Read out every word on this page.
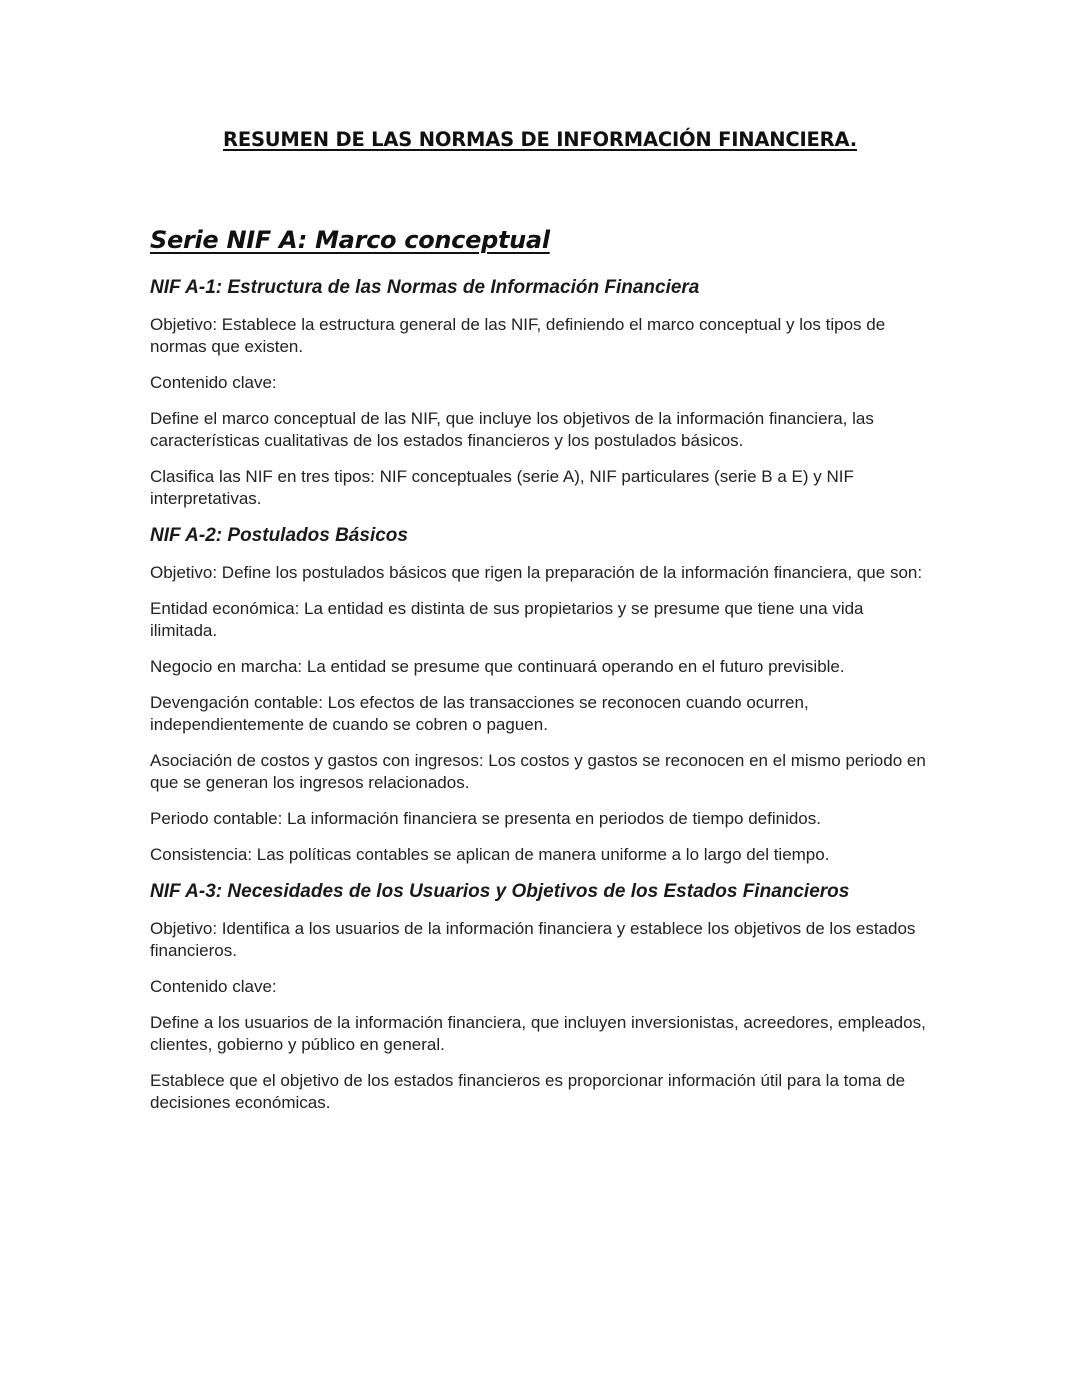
RESUMEN DE LAS NORMAS DE INFORMACIÓN FINANCIERA.
Serie NIF A: Marco conceptual
NIF A-1: Estructura de las Normas de Información Financiera

Objetivo: Establece la estructura general de las NIF, definiendo el marco conceptual y los tipos de normas que existen.

Contenido clave:

Define el marco conceptual de las NIF, que incluye los objetivos de la información financiera, las características cualitativas de los estados financieros y los postulados básicos.

Clasifica las NIF en tres tipos: NIF conceptuales (serie A), NIF particulares (serie B a E) y NIF interpretativas.

NIF A-2: Postulados Básicos

Objetivo: Define los postulados básicos que rigen la preparación de la información financiera, que son:

Entidad económica: La entidad es distinta de sus propietarios y se presume que tiene una vida ilimitada.

Negocio en marcha: La entidad se presume que continuará operando en el futuro previsible.

Devengación contable: Los efectos de las transacciones se reconocen cuando ocurren, independientemente de cuando se cobren o paguen.

Asociación de costos y gastos con ingresos: Los costos y gastos se reconocen en el mismo periodo en que se generan los ingresos relacionados.

Periodo contable: La información financiera se presenta en periodos de tiempo definidos.

Consistencia: Las políticas contables se aplican de manera uniforme a lo largo del tiempo.

NIF A-3: Necesidades de los Usuarios y Objetivos de los Estados Financieros

Objetivo: Identifica a los usuarios de la información financiera y establece los objetivos de los estados financieros.

Contenido clave:

Define a los usuarios de la información financiera, que incluyen inversionistas, acreedores, empleados, clientes, gobierno y público en general.

Establece que el objetivo de los estados financieros es proporcionar información útil para la toma de decisiones económicas.
